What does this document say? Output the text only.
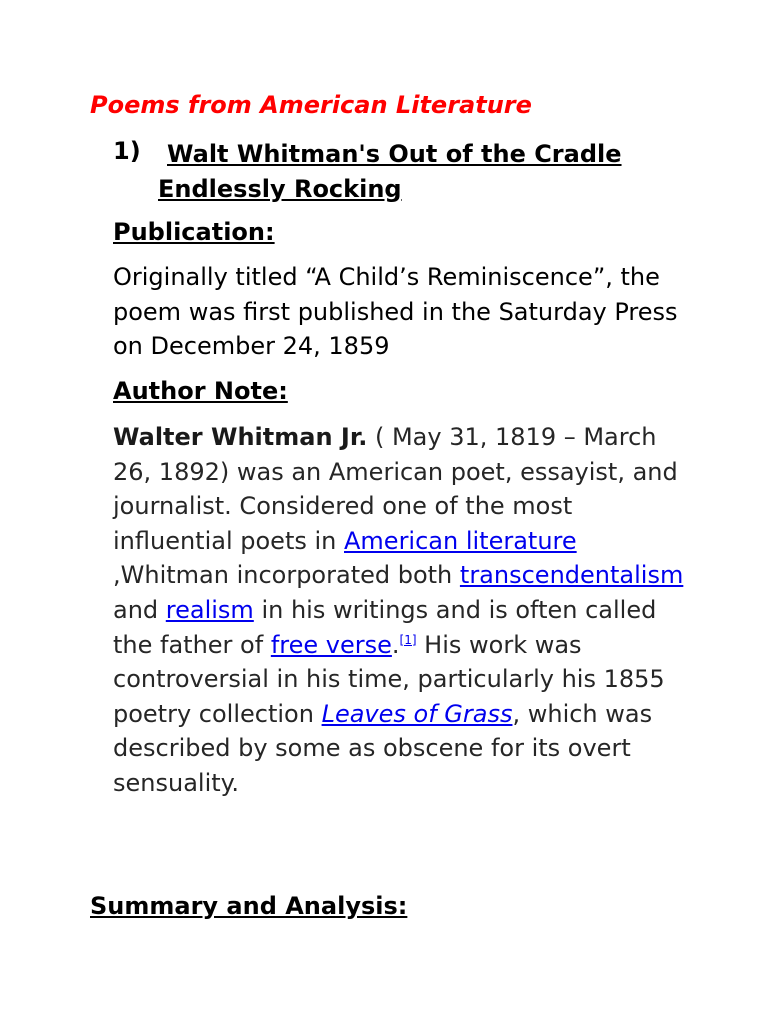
Poems from American Literature
1)	Walt Whitman's Out of the Cradle Endlessly Rocking
Publication:
Originally titled “A Child’s Reminiscence”, the poem was first published in the Saturday Press on December 24, 1859
Author Note:
Walter Whitman Jr. ( May 31, 1819 – March 26, 1892) was an American poet, essayist, and journalist. Considered one of the most influential poets in American literature ,Whitman incorporated both transcendentalism and realism in his writings and is often called the father of free verse.[1] His work was controversial in his time, particularly his 1855 poetry collection Leaves of Grass, which was described by some as obscene for its overt sensuality.
Summary and Analysis:
